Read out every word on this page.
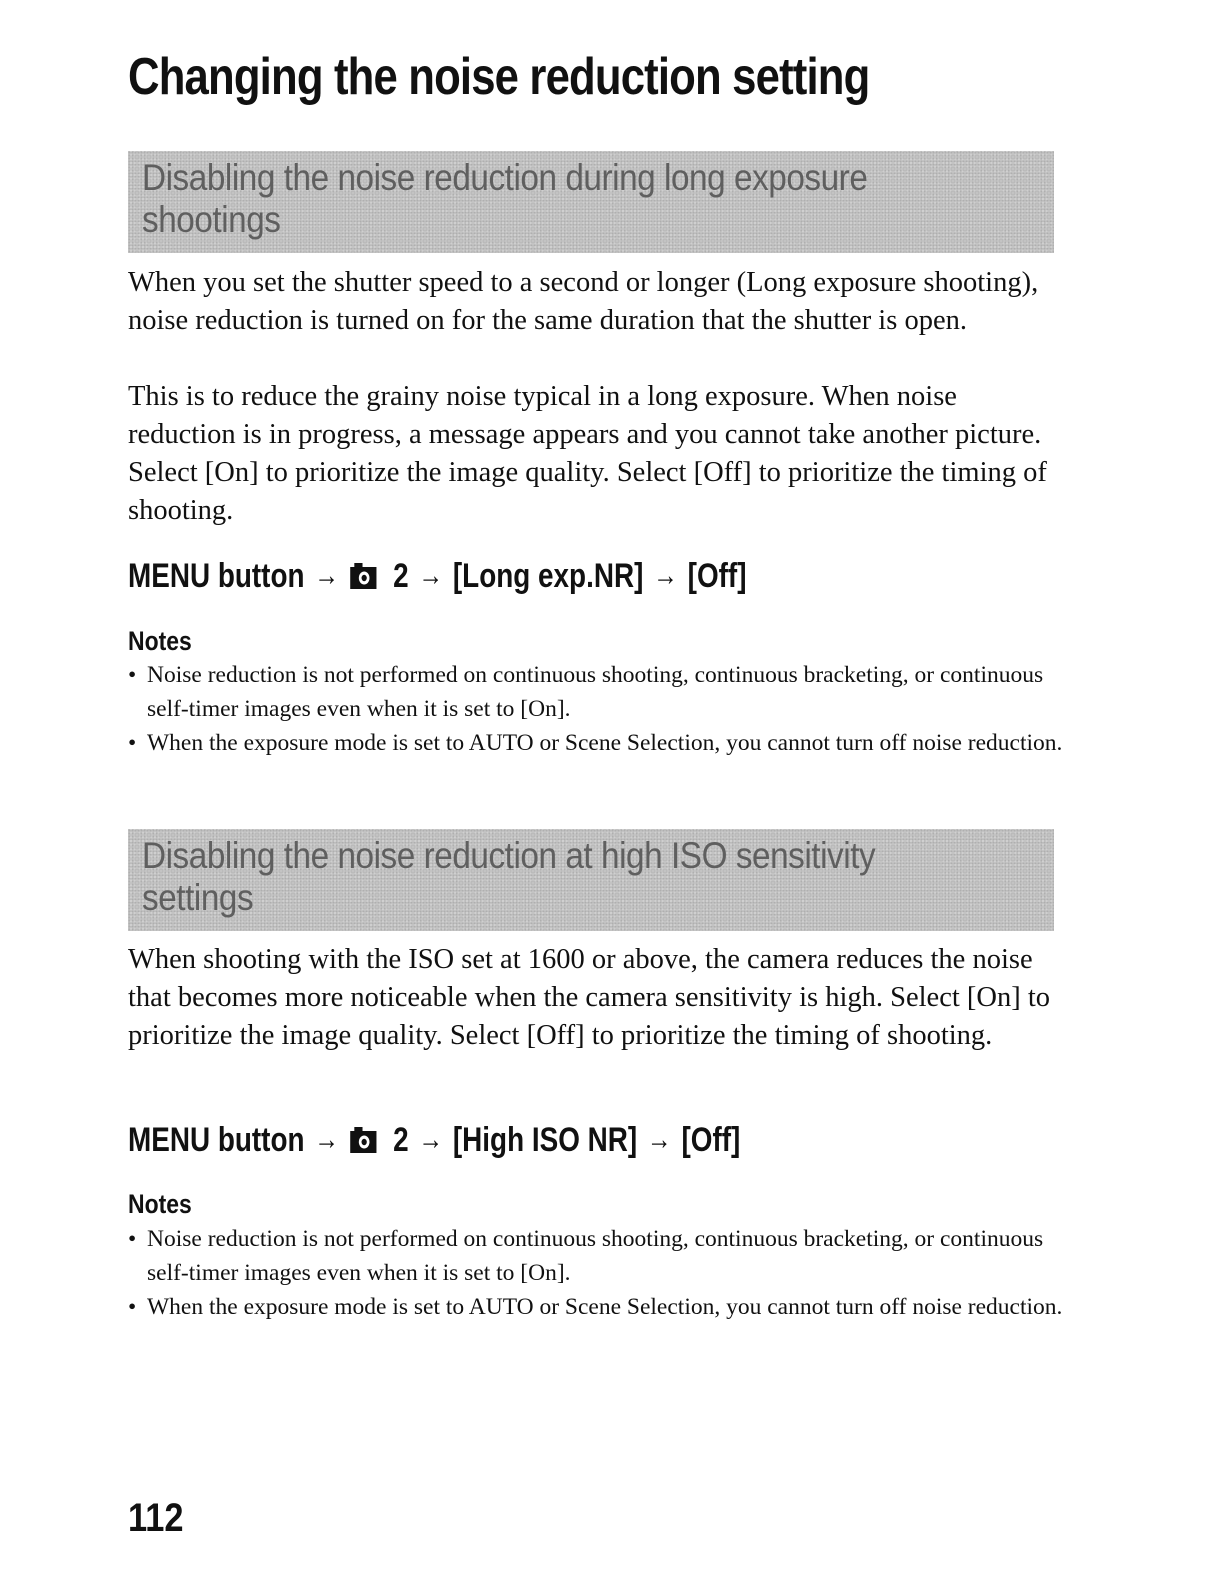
Changing the noise reduction setting
Disabling the noise reduction during long exposure
shootings

When you set the shutter speed to a second or longer (Long exposure shooting), noise reduction is turned on for the same duration that the shutter is open.

This is to reduce the grainy noise typical in a long exposure. When noise reduction is in progress, a message appears and you cannot take another picture. Select [On] to prioritize the image quality. Select [Off] to prioritize the timing of shooting.

MENU button → 2 → [Long exp.NR] → [Off]
Notes
• Noise reduction is not performed on continuous shooting, continuous bracketing, or continuous self-timer images even when it is set to [On].
• When the exposure mode is set to AUTO or Scene Selection, you cannot turn off noise reduction.
Disabling the noise reduction at high ISO sensitivity
settings

When shooting with the ISO set at 1600 or above, the camera reduces the noise that becomes more noticeable when the camera sensitivity is high. Select [On] to prioritize the image quality. Select [Off] to prioritize the timing of shooting.

MENU button → 2 → [High ISO NR] → [Off]
Notes
• Noise reduction is not performed on continuous shooting, continuous bracketing, or continuous self-timer images even when it is set to [On].
• When the exposure mode is set to AUTO or Scene Selection, you cannot turn off noise reduction.
112
